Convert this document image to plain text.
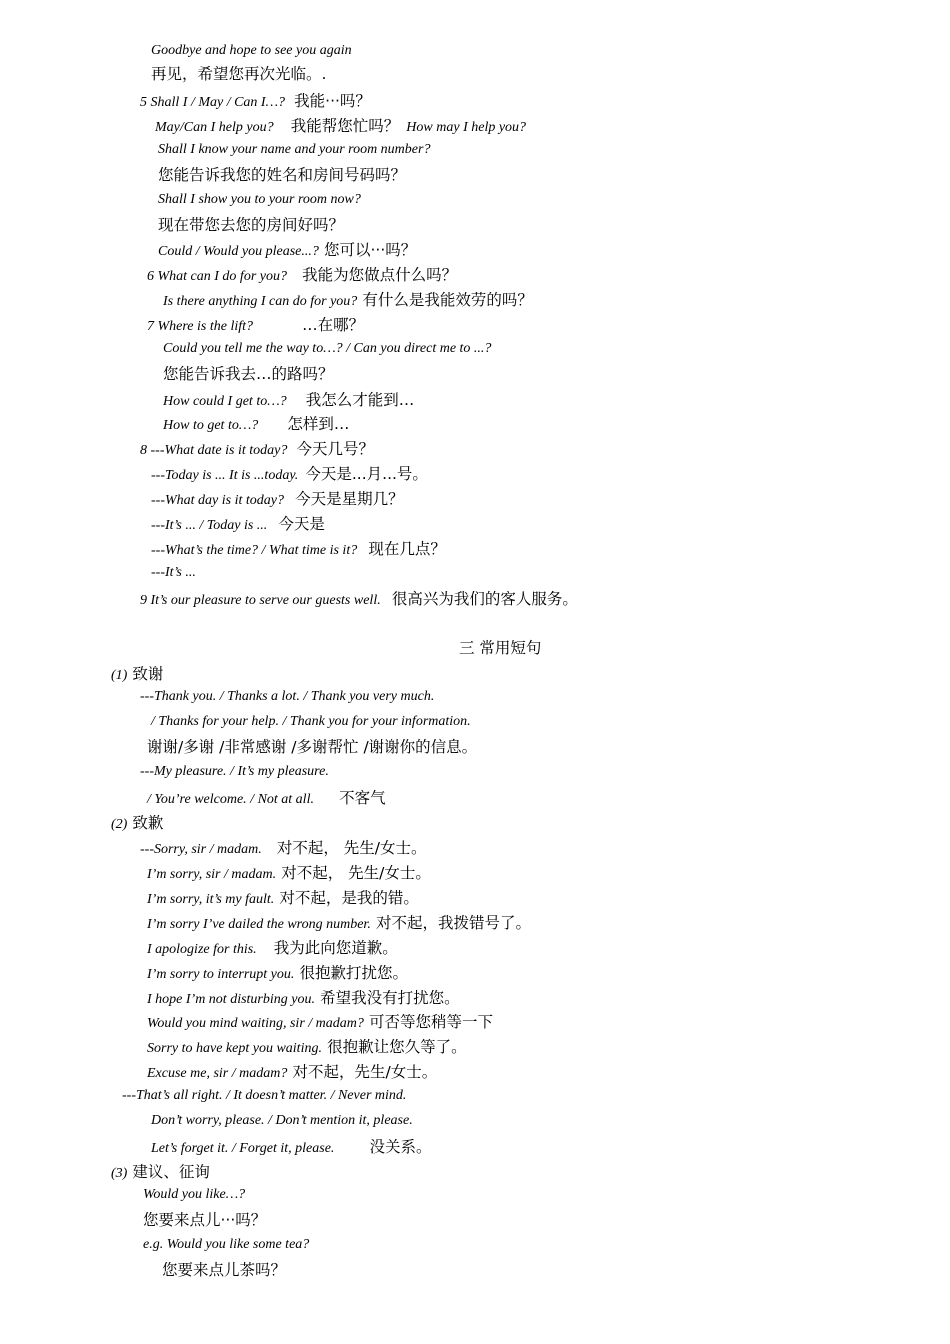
Goodbye and hope to see you again
再见，希望您再次光临。.
5 Shall I / May / Can I…? 我能···吗？
May/Can I help you? 我能帮您忙吗？ How may I help you?
Shall I know your name and your room number?
您能告诉我您的姓名和房间号码吗？
Shall I show you to your room now?
现在带您去您的房间好吗？
Could / Would you please...? 您可以···吗？
6 What can I do for you? 我能为您做点什么吗？
Is there anything I can do for you? 有什么是我能效劳的吗？
7 Where is the lift?	…在哪？
Could you tell me the way to…? / Can you direct me to ...?
您能告诉我去…的路吗？
How could I get to…? 我怎么才能到…
How to get to…? 怎样到…
8 ---What date is it today? 今天几号？
---Today is ... It is ...today. 今天是...月...号。
---What day is it today? 今天是星期几？
---It’s ... / Today is ... 今天是
---What’s the time? / What time is it? 现在几点？
---It’s ...
9 It’s our pleasure to serve our guests well. 很高兴为我们的客人服务。
三 常用短句
(1) 致谢
---Thank you. / Thanks a lot. / Thank you very much.
/ Thanks for your help. / Thank you for your information.
谢谢/多谢 /非常感谢 /多谢帮忙 /谢谢你的信息。
---My pleasure. / It’s my pleasure.
/ You’re welcome. / Not at all. 不客气
(2) 致歉
---Sorry, sir / madam. 对不起， 先生/女士。
I’m sorry, sir / madam. 对不起， 先生/女士。
I’m sorry, it’s my fault. 对不起，是我的错。
I’m sorry I’ve dailed the wrong number. 对不起，我拨错号了。
I apologize for this. 我为此向您道歉。
I’m sorry to interrupt you. 很抱歉打扰您。
I hope I’m not disturbing you. 希望我没有打扰您。
Would you mind waiting, sir / madam? 可否等您稍等一下
Sorry to have kept you waiting. 很抱歉让您久等了。
Excuse me, sir / madam? 对不起，先生/女士。
---That’s all right. / It doesn’t matter. / Never mind.
Don’t worry, please. / Don’t mention it, please.
Let’s forget it. / Forget it, please. 没关系。
(3) 建议、征询
Would you like…?
您要来点儿···吗？
e.g. Would you like some tea?
您要来点儿茶吗？
